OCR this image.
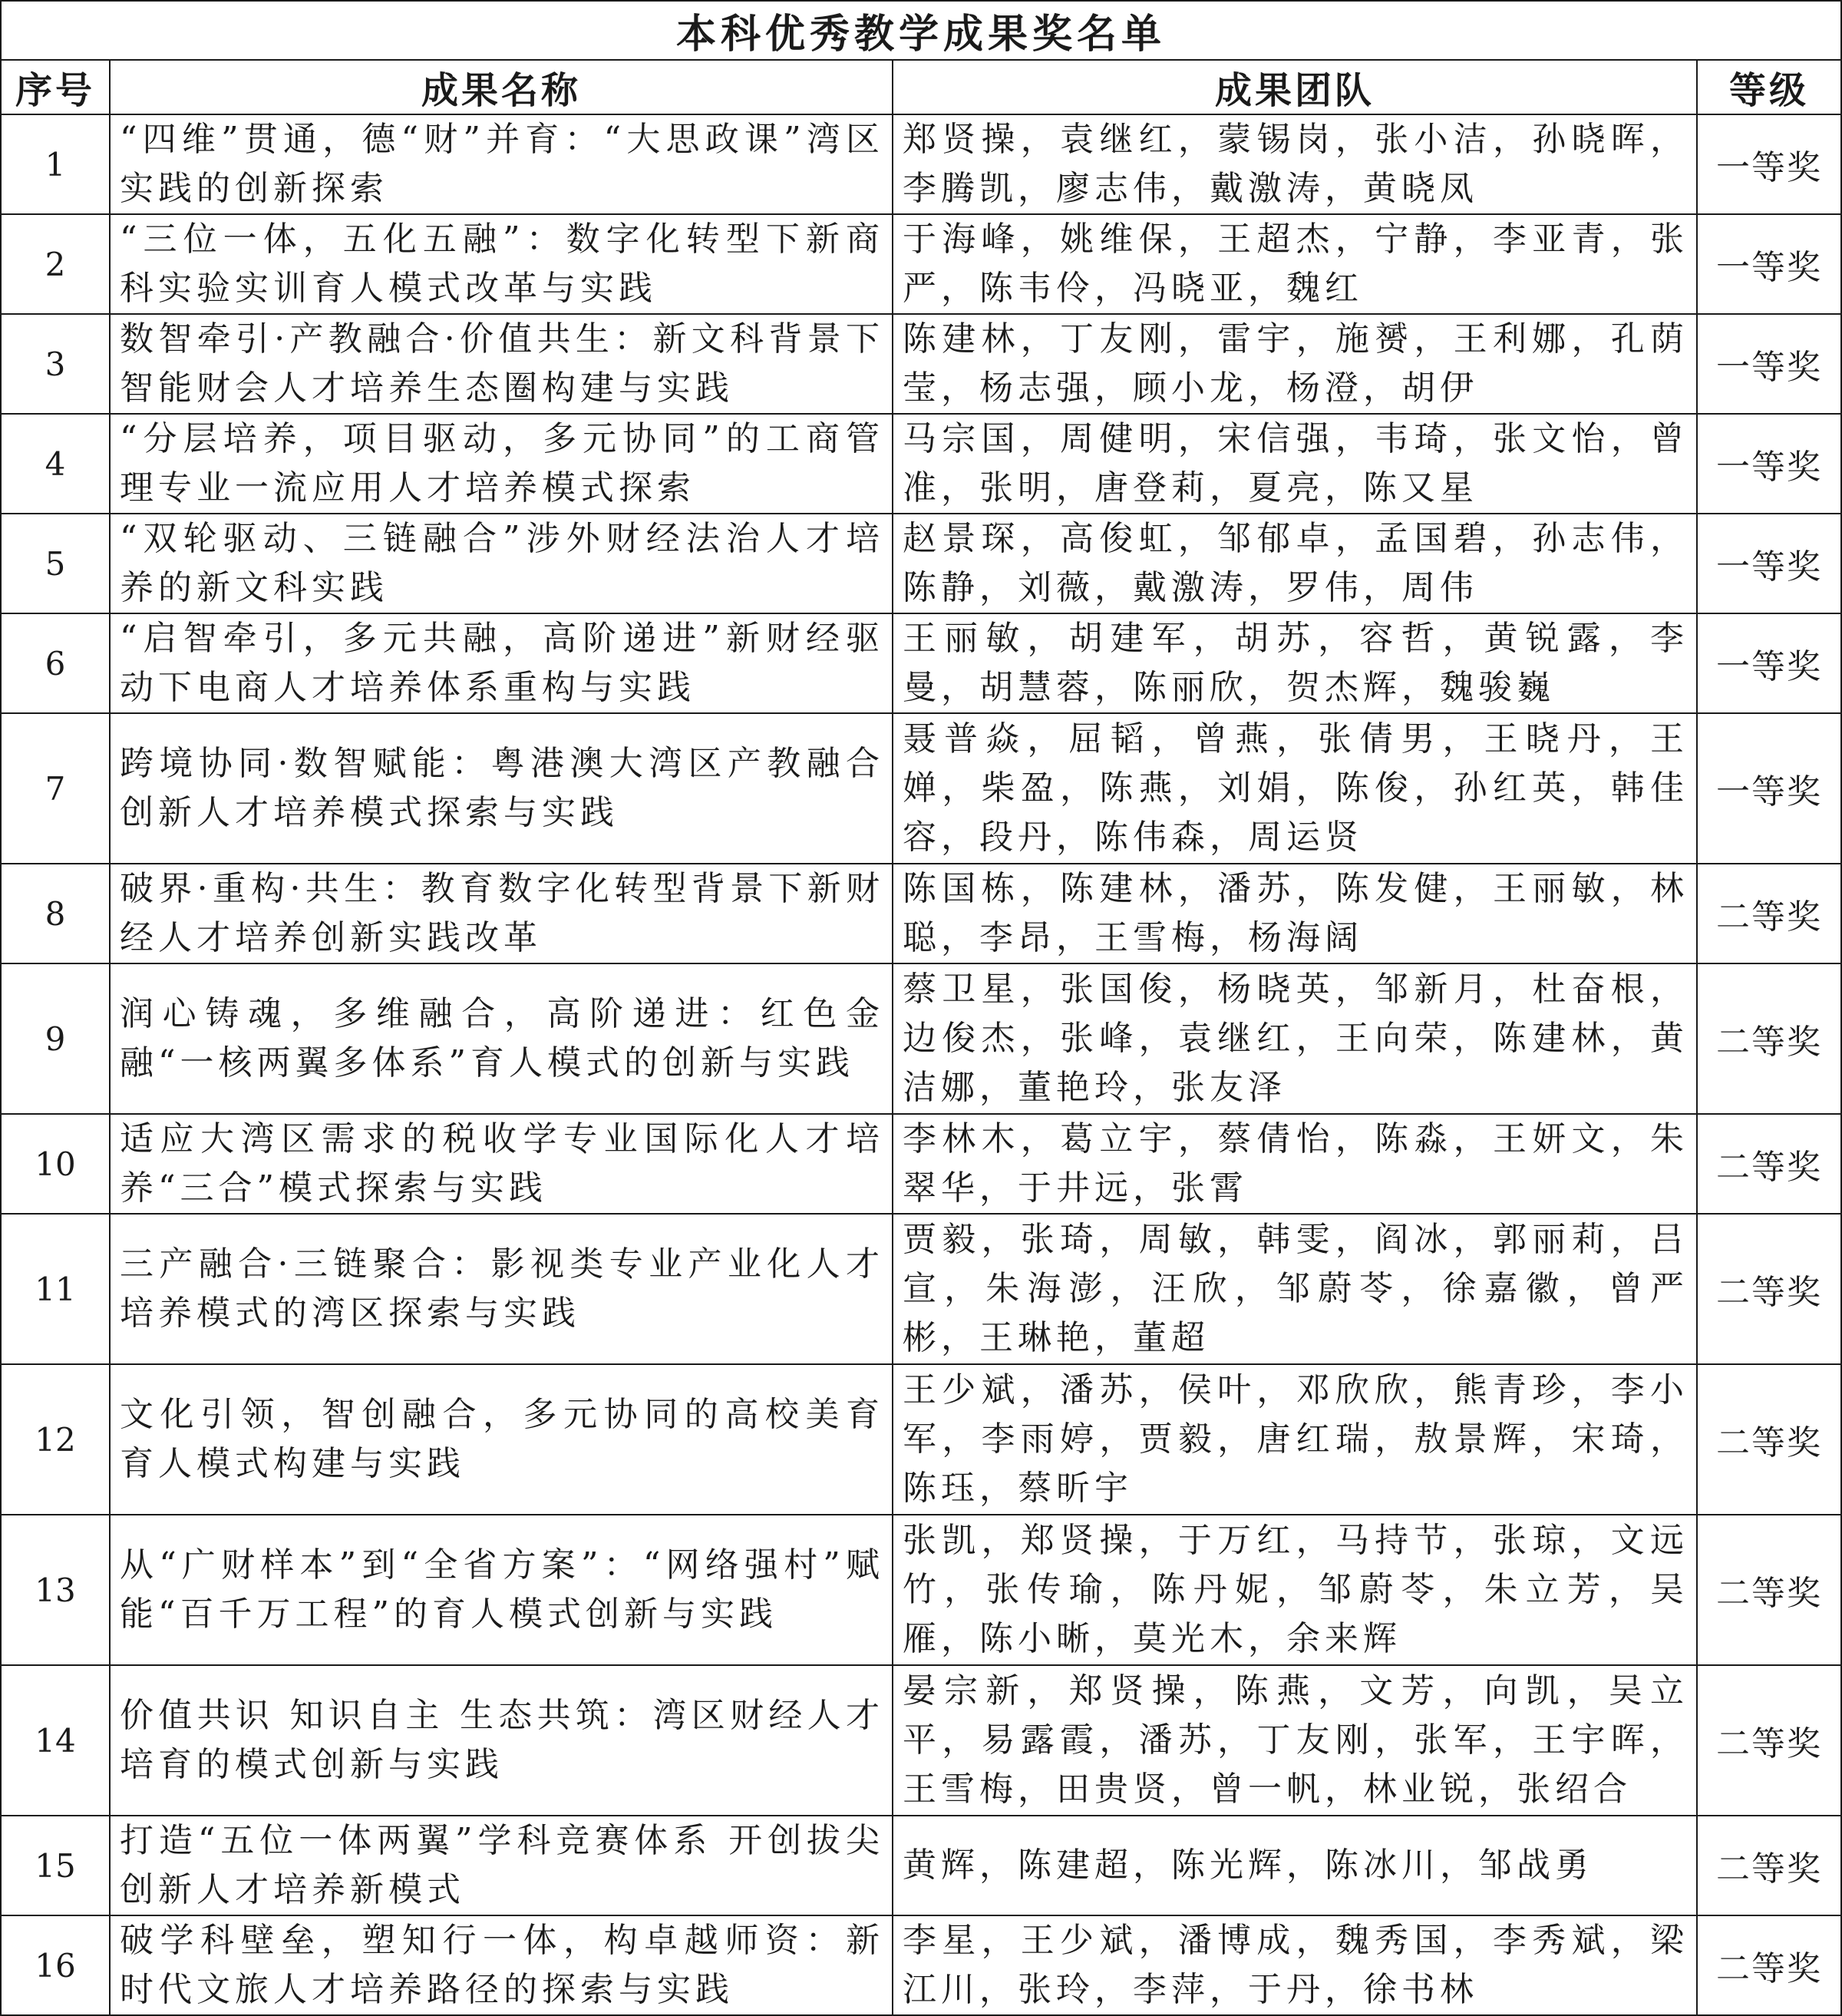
本科优秀教学成果奖名单			
序号	成果名称	成果团队	等级
1	“四维”贯通，德“财”并育：“大思政课”湾区实践的创新探索	郑贤操，袁继红，蒙锡岗，张小洁，孙晓晖，李腾凯，廖志伟，戴激涛，黄晓凤	一等奖
2	“三位一体，五化五融”：数字化转型下新商科实验实训育人模式改革与实践	于海峰，姚维保，王超杰，宁静，李亚青，张严，陈韦伶，冯晓亚，魏红	一等奖
3	数智牵引·产教融合·价值共生：新文科背景下智能财会人才培养生态圈构建与实践	陈建林，丁友刚，雷宇，施赟，王利娜，孔荫莹，杨志强，顾小龙，杨澄，胡伊	一等奖
4	“分层培养，项目驱动，多元协同”的工商管理专业一流应用人才培养模式探索	马宗国，周健明，宋信强，韦琦，张文怡，曾准，张明，唐登莉，夏亮，陈又星	一等奖
5	“双轮驱动、三链融合”涉外财经法治人才培养的新文科实践	赵景琛，高俊虹，邹郁卓，孟国碧，孙志伟，陈静，刘薇，戴激涛，罗伟，周伟	一等奖
6	“启智牵引，多元共融，高阶递进”新财经驱动下电商人才培养体系重构与实践	王丽敏，胡建军，胡苏，容哲，黄锐露，李曼，胡慧蓉，陈丽欣，贺杰辉，魏骏巍	一等奖
7	跨境协同·数智赋能：粤港澳大湾区产教融合创新人才培养模式探索与实践	聂普焱，屈韬，曾燕，张倩男，王晓丹，王婵，柴盈，陈燕，刘娟，陈俊，孙红英，韩佳容，段丹，陈伟森，周运贤	一等奖
8	破界·重构·共生：教育数字化转型背景下新财经人才培养创新实践改革	陈国栋，陈建林，潘苏，陈发健，王丽敏，林聪，李昂，王雪梅，杨海阔	二等奖
9	润心铸魂，多维融合，高阶递进：红色金融“一核两翼多体系”育人模式的创新与实践	蔡卫星，张国俊，杨晓英，邹新月，杜奋根，边俊杰，张峰，袁继红，王向荣，陈建林，黄洁娜，董艳玲，张友泽	二等奖
10	适应大湾区需求的税收学专业国际化人才培养“三合”模式探索与实践	李林木，葛立宇，蔡倩怡，陈淼，王妍文，朱翠华，于井远，张霄	二等奖
11	三产融合·三链聚合：影视类专业产业化人才培养模式的湾区探索与实践	贾毅，张琦，周敏，韩雯，阎冰，郭丽莉，吕宣，朱海澎，汪欣，邹蔚苓，徐嘉徽，曾严彬，王琳艳，董超	二等奖
12	文化引领，智创融合，多元协同的高校美育育人模式构建与实践	王少斌，潘苏，侯叶，邓欣欣，熊青珍，李小军，李雨婷，贾毅，唐红瑞，敖景辉，宋琦，陈珏，蔡昕宇	二等奖
13	从“广财样本”到“全省方案”：“网络强村”赋能“百千万工程”的育人模式创新与实践	张凯，郑贤操，于万红，马持节，张琼，文远竹，张传瑜，陈丹妮，邹蔚苓，朱立芳，吴雁，陈小晰，莫光木，余来辉	二等奖
14	价值共识 知识自主 生态共筑：湾区财经人才培育的模式创新与实践	晏宗新，郑贤操，陈燕，文芳，向凯，吴立平，易露霞，潘苏，丁友刚，张军，王宇晖，王雪梅，田贵贤，曾一帆，林业锐，张绍合	二等奖
15	打造“五位一体两翼”学科竞赛体系 开创拔尖创新人才培养新模式	黄辉，陈建超，陈光辉，陈冰川，邹战勇	二等奖
16	破学科壁垒，塑知行一体，构卓越师资：新时代文旅人才培养路径的探索与实践	李星，王少斌，潘博成，魏秀国，李秀斌，梁江川，张玲，李萍，于丹，徐书林	二等奖
